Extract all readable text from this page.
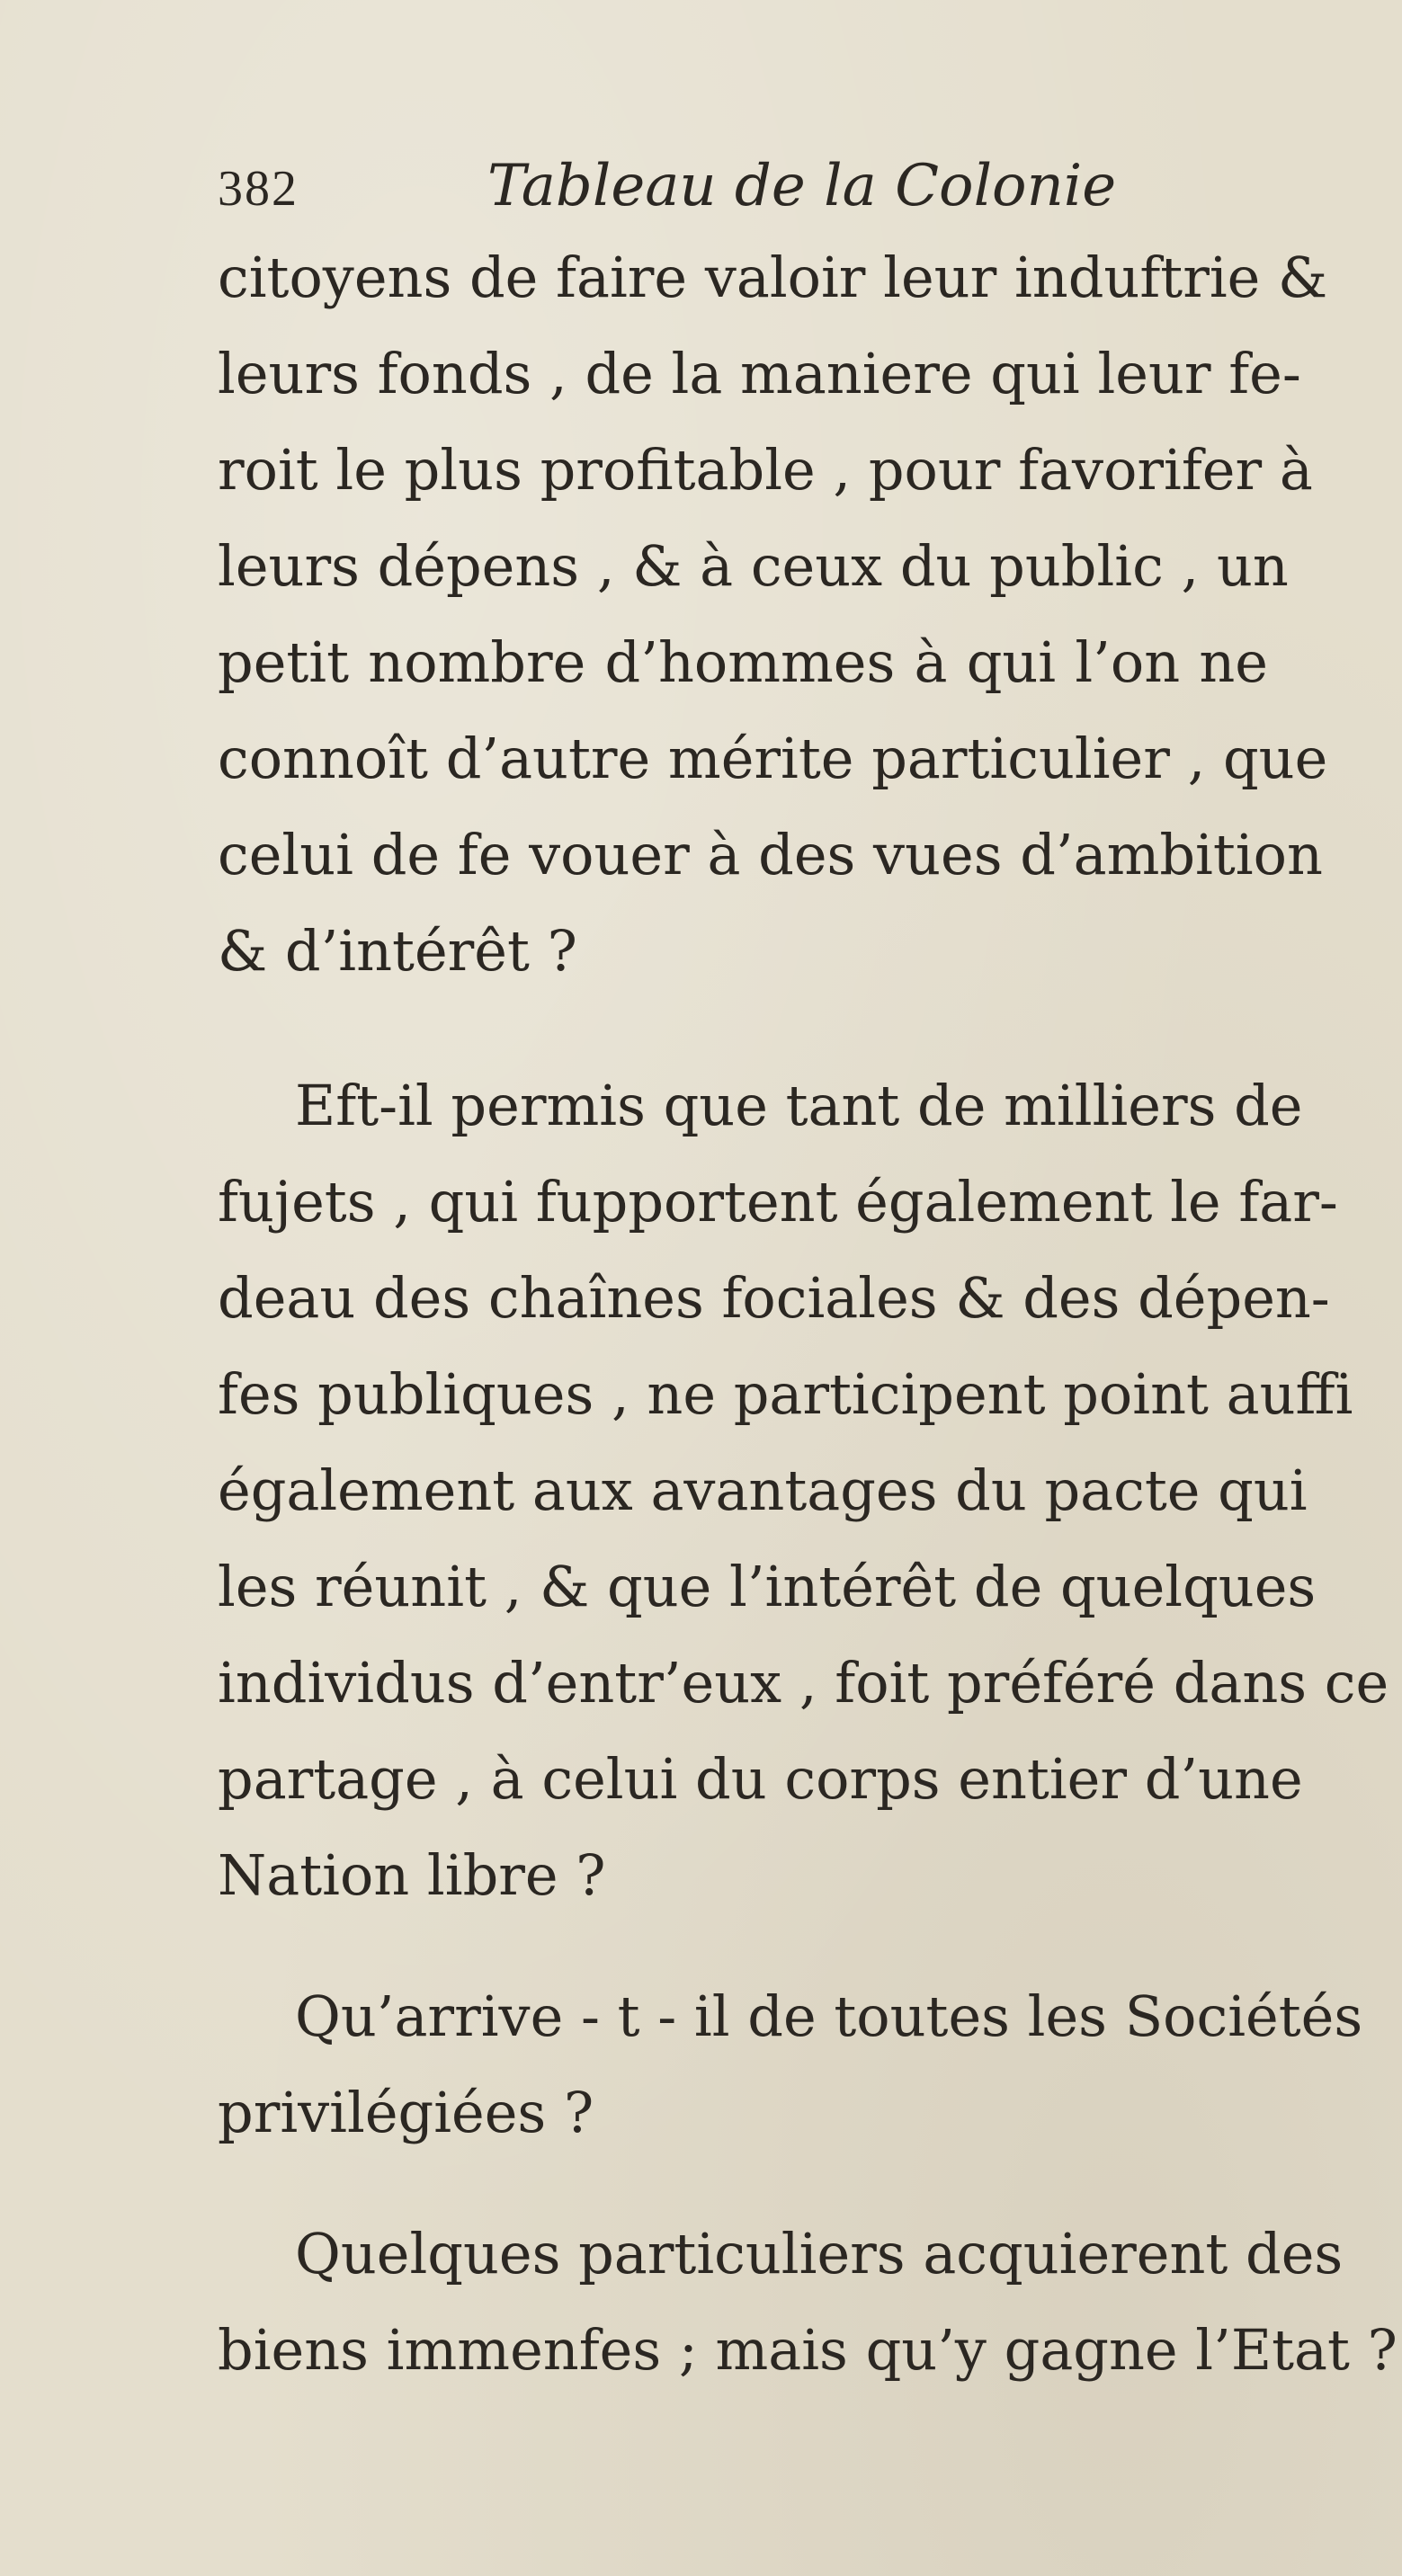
382	Tableau de la Colonie

citoyens de faire valoir leur induftrie &
leurs fonds , de la maniere qui leur fe-
roit le plus profitable , pour favorifer à
leurs dépens , & à ceux du public , un
petit nombre d’hommes à qui l’on ne
connoît d’autre mérite particulier , que
celui de fe vouer à des vues d’ambition
& d’intérêt ?

Eft-il permis que tant de milliers de
fujets , qui fupportent également le far-
deau des chaînes fociales & des dépen-
fes publiques , ne participent point auffi
également aux avantages du pacte qui
les réunit , & que l’intérêt de quelques
individus d’entr’eux , foit préféré dans ce
partage , à celui du corps entier d’une
Nation libre ?

Qu’arrive - t - il de toutes les Sociétés
privilégiées ?

Quelques particuliers acquierent des
biens immenfes ; mais qu’y gagne l’Etat ?
